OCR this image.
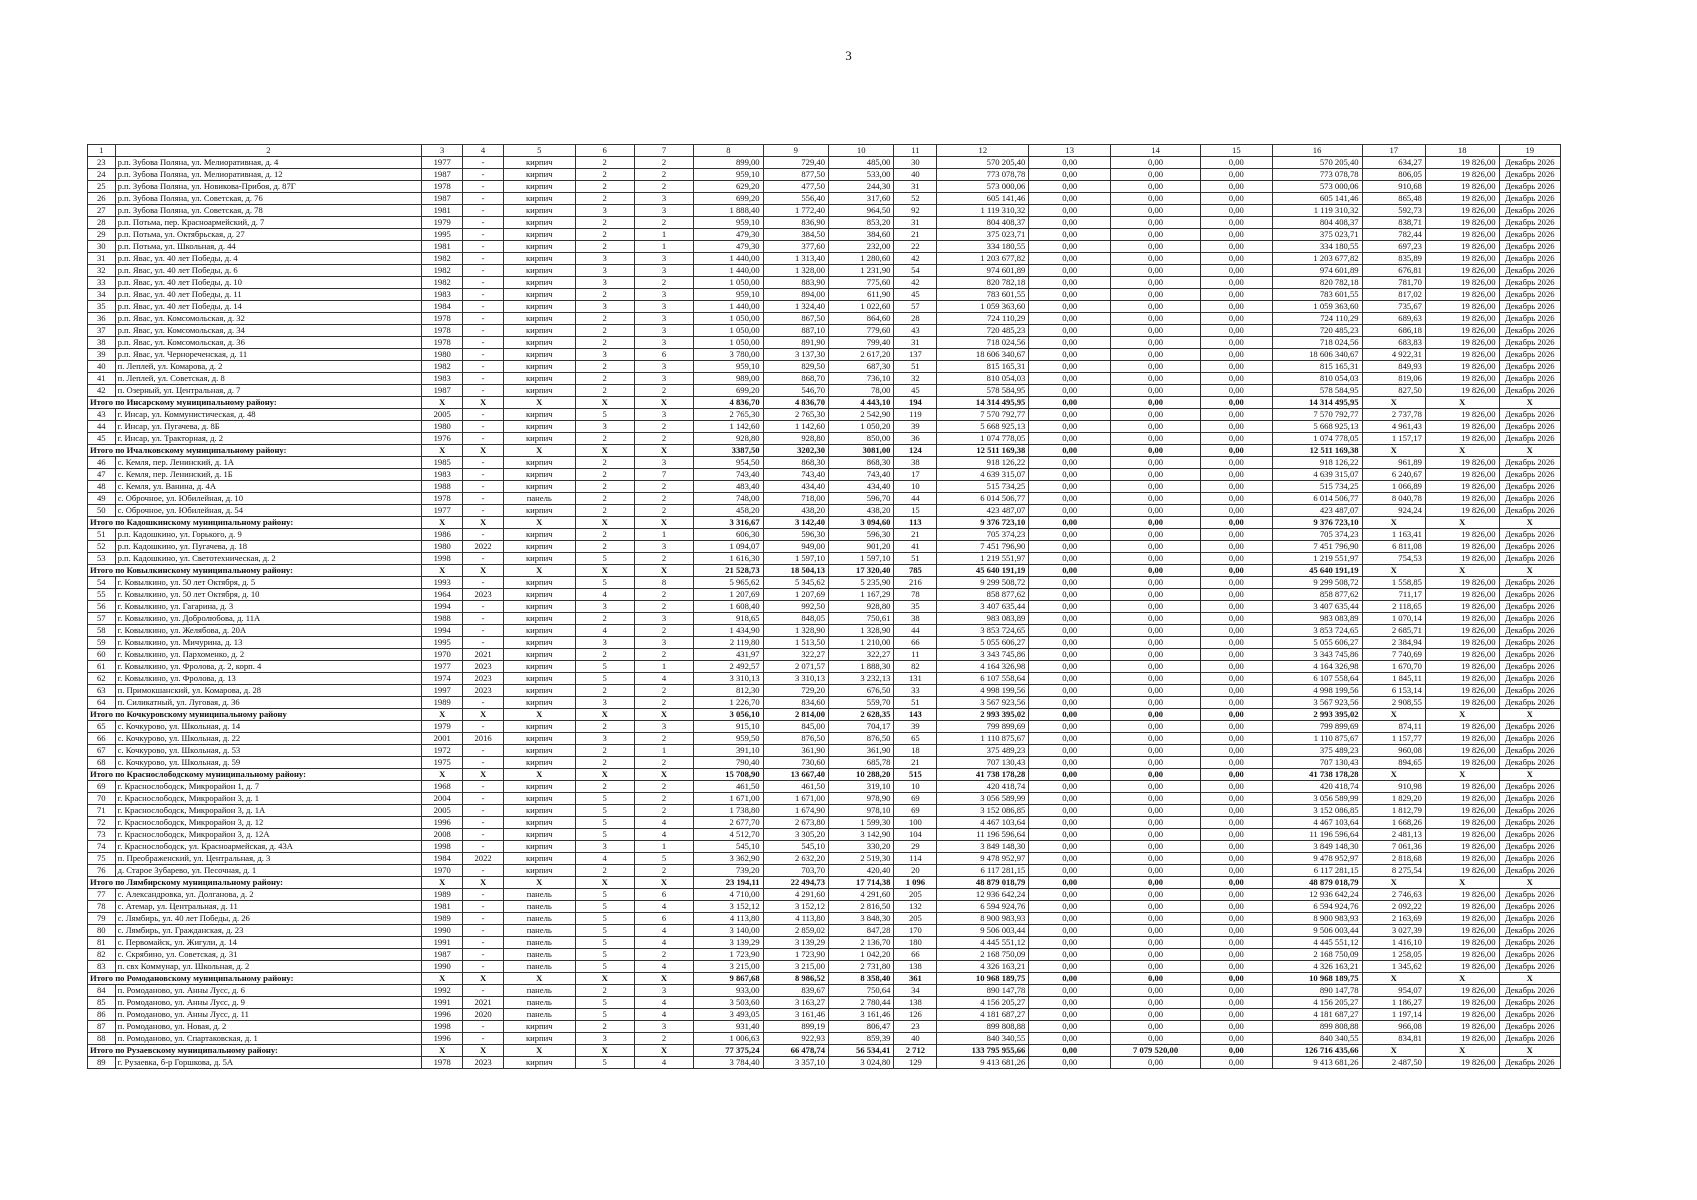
3
1	2	3	4	5	6	7	8	9	10	11	12	13	14	15	16	17	18	19
23	р.п. Зубова Поляна, ул. Мелиоративная, д. 4	1977	-	кирпич	2	2	899,00	729,40	485,00	30	570 205,40	0,00	0,00	0,00	570 205,40	634,27	19 826,00	Декабрь 2026
24	р.п. Зубова Поляна, ул. Мелиоративная, д. 12	1987	-	кирпич	2	2	959,10	877,50	533,00	40	773 078,78	0,00	0,00	0,00	773 078,78	806,05	19 826,00	Декабрь 2026
25	р.п. Зубова Поляна, ул. Новикова-Прибоя, д. 87Г	1978	-	кирпич	2	2	629,20	477,50	244,30	31	573 000,06	0,00	0,00	0,00	573 000,06	910,68	19 826,00	Декабрь 2026
26	р.п. Зубова Поляна, ул. Советская, д. 76	1987	-	кирпич	2	3	699,20	556,40	317,60	52	605 141,46	0,00	0,00	0,00	605 141,46	865,48	19 826,00	Декабрь 2026
27	р.п. Зубова Поляна, ул. Советская, д. 78	1981	-	кирпич	3	3	1 888,40	1 772,40	964,50	92	1 119 310,32	0,00	0,00	0,00	1 119 310,32	592,73	19 826,00	Декабрь 2026
28	р.п. Потьма, пер. Красноармейский, д. 7	1979	-	кирпич	2	2	959,10	836,90	853,20	31	804 408,37	0,00	0,00	0,00	804 408,37	838,71	19 826,00	Декабрь 2026
29	р.п. Потьма, ул. Октябрьская, д. 27	1995	-	кирпич	2	1	479,30	384,50	384,60	21	375 023,71	0,00	0,00	0,00	375 023,71	782,44	19 826,00	Декабрь 2026
30	р.п. Потьма, ул. Школьная, д. 44	1981	-	кирпич	2	1	479,30	377,60	232,00	22	334 180,55	0,00	0,00	0,00	334 180,55	697,23	19 826,00	Декабрь 2026
31	р.п. Явас, ул. 40 лет Победы, д. 4	1982	-	кирпич	3	3	1 440,00	1 313,40	1 280,60	42	1 203 677,82	0,00	0,00	0,00	1 203 677,82	835,89	19 826,00	Декабрь 2026
32	р.п. Явас, ул. 40 лет Победы, д. 6	1982	-	кирпич	3	3	1 440,00	1 328,00	1 231,90	54	974 601,89	0,00	0,00	0,00	974 601,89	676,81	19 826,00	Декабрь 2026
33	р.п. Явас, ул. 40 лет Победы, д. 10	1982	-	кирпич	3	2	1 050,00	883,90	775,60	42	820 782,18	0,00	0,00	0,00	820 782,18	781,70	19 826,00	Декабрь 2026
34	р.п. Явас, ул. 40 лет Победы, д. 11	1983	-	кирпич	2	3	959,10	894,00	611,90	45	783 601,55	0,00	0,00	0,00	783 601,55	817,02	19 826,00	Декабрь 2026
35	р.п. Явас, ул. 40 лет Победы, д. 14	1984	-	кирпич	3	3	1 440,00	1 324,40	1 022,60	57	1 059 363,60	0,00	0,00	0,00	1 059 363,60	735,67	19 826,00	Декабрь 2026
36	р.п. Явас, ул. Комсомольская, д. 32	1978	-	кирпич	2	3	1 050,00	867,50	864,60	28	724 110,29	0,00	0,00	0,00	724 110,29	689,63	19 826,00	Декабрь 2026
37	р.п. Явас, ул. Комсомольская, д. 34	1978	-	кирпич	2	3	1 050,00	887,10	779,60	43	720 485,23	0,00	0,00	0,00	720 485,23	686,18	19 826,00	Декабрь 2026
38	р.п. Явас, ул. Комсомольская, д. 36	1978	-	кирпич	2	3	1 050,00	891,90	799,40	31	718 024,56	0,00	0,00	0,00	718 024,56	683,83	19 826,00	Декабрь 2026
39	р.п. Явас, ул. Чернореченская, д. 11	1980	-	кирпич	3	6	3 780,00	3 137,30	2 617,20	137	18 606 340,67	0,00	0,00	0,00	18 606 340,67	4 922,31	19 826,00	Декабрь 2026
40	п. Леплей, ул. Комарова, д. 2	1982	-	кирпич	2	3	959,10	829,50	687,30	51	815 165,31	0,00	0,00	0,00	815 165,31	849,93	19 826,00	Декабрь 2026
41	п. Леплей, ул. Советская, д. 8	1983	-	кирпич	2	3	989,00	868,70	736,10	32	810 054,03	0,00	0,00	0,00	810 054,03	819,06	19 826,00	Декабрь 2026
42	п. Озерный, ул. Центральная, д. 7	1987	-	кирпич	2	2	699,20	546,70	78,00	45	578 584,95	0,00	0,00	0,00	578 584,95	827,50	19 826,00	Декабрь 2026
Итого по Инсарскому муниципальному району:		X	X	X	X	X	4 836,70	4 836,70	4 443,10	194	14 314 495,95	0,00	0,00	0,00	14 314 495,95	X	X	X
43	г. Инсар, ул. Коммунистическая, д. 48	2005	-	кирпич	5	3	2 765,30	2 765,30	2 542,90	119	7 570 792,77	0,00	0,00	0,00	7 570 792,77	2 737,78	19 826,00	Декабрь 2026
44	г. Инсар, ул. Пугачева, д. 8Б	1980	-	кирпич	3	2	1 142,60	1 142,60	1 050,20	39	5 668 925,13	0,00	0,00	0,00	5 668 925,13	4 961,43	19 826,00	Декабрь 2026
45	г. Инсар, ул. Тракторная, д. 2	1976	-	кирпич	2	2	928,80	928,80	850,00	36	1 074 778,05	0,00	0,00	0,00	1 074 778,05	1 157,17	19 826,00	Декабрь 2026
Итого по Ичалковскому муниципальному району:		X	X	X	X	X	3387,50	3202,30	3081,00	124	12 511 169,38	0,00	0,00	0,00	12 511 169,38	X	X	X
46	с. Кемля, пер. Ленинский, д. 1А	1985	-	кирпич	2	3	954,50	868,30	868,30	38	918 126,22	0,00	0,00	0,00	918 126,22	961,89	19 826,00	Декабрь 2026
47	с. Кемля, пер. Ленинский, д. 1Б	1983	-	кирпич	2	7	743,40	743,40	743,40	17	4 639 315,07	0,00	0,00	0,00	4 639 315,07	6 240,67	19 826,00	Декабрь 2026
48	с. Кемля, ул. Ванина, д. 4А	1988	-	кирпич	2	2	483,40	434,40	434,40	10	515 734,25	0,00	0,00	0,00	515 734,25	1 066,89	19 826,00	Декабрь 2026
49	с. Оброчное, ул. Юбилейная, д. 10	1978	-	панель	2	2	748,00	718,00	596,70	44	6 014 506,77	0,00	0,00	0,00	6 014 506,77	8 040,78	19 826,00	Декабрь 2026
50	с. Оброчное, ул. Юбилейная, д. 54	1977	-	кирпич	2	2	458,20	438,20	438,20	15	423 487,07	0,00	0,00	0,00	423 487,07	924,24	19 826,00	Декабрь 2026
Итого по Кадошкинскому муниципальному району:		X	X	X	X	X	3 316,67	3 142,40	3 094,60	113	9 376 723,10	0,00	0,00	0,00	9 376 723,10	X	X	X
51	р.п. Кадошкино, ул. Горького, д. 9	1986	-	кирпич	2	1	606,30	596,30	596,30	21	705 374,23	0,00	0,00	0,00	705 374,23	1 163,41	19 826,00	Декабрь 2026
52	р.п. Кадошкино, ул. Пугачева, д. 18	1980	2022	кирпич	2	3	1 094,07	949,00	901,20	41	7 451 796,90	0,00	0,00	0,00	7 451 796,90	6 811,08	19 826,00	Декабрь 2026
53	р.п. Кадошкино, ул. Светотехническая, д. 2	1998	-	кирпич	5	2	1 616,30	1 597,10	1 597,10	51	1 219 551,97	0,00	0,00	0,00	1 219 551,97	754,53	19 826,00	Декабрь 2026
Итого по Ковылкинскому муниципальному району:		X	X	X	X	X	21 528,73	18 504,13	17 320,40	785	45 640 191,19	0,00	0,00	0,00	45 640 191,19	X	X	X
54	г. Ковылкино, ул. 50 лет Октября, д. 5	1993	-	кирпич	5	8	5 965,62	5 345,62	5 235,90	216	9 299 508,72	0,00	0,00	0,00	9 299 508,72	1 558,85	19 826,00	Декабрь 2026
55	г. Ковылкино, ул. 50 лет Октября, д. 10	1964	2023	кирпич	4	2	1 207,69	1 207,69	1 167,29	78	858 877,62	0,00	0,00	0,00	858 877,62	711,17	19 826,00	Декабрь 2026
56	г. Ковылкино, ул. Гагарина, д. 3	1994	-	кирпич	3	2	1 608,40	992,50	928,80	35	3 407 635,44	0,00	0,00	0,00	3 407 635,44	2 118,65	19 826,00	Декабрь 2026
57	г. Ковылкино, ул. Добролюбова, д. 11А	1988	-	кирпич	2	3	918,65	848,05	750,61	38	983 083,89	0,00	0,00	0,00	983 083,89	1 070,14	19 826,00	Декабрь 2026
58	г. Ковылкино, ул. Желябова, д. 20А	1994	-	кирпич	4	2	1 434,90	1 328,90	1 328,90	44	3 853 724,65	0,00	0,00	0,00	3 853 724,65	2 685,71	19 826,00	Декабрь 2026
59	г. Ковылкино, ул. Мичурина, д. 13	1995	-	кирпич	3	3	2 119,80	1 513,50	1 210,00	66	5 055 606,27	0,00	0,00	0,00	5 055 606,27	2 384,94	19 826,00	Декабрь 2026
60	г. Ковылкино, ул. Пархоменко, д. 2	1970	2021	кирпич	2	2	431,97	322,27	322,27	11	3 343 745,86	0,00	0,00	0,00	3 343 745,86	7 740,69	19 826,00	Декабрь 2026
61	г. Ковылкино, ул. Фролова, д. 2, корп. 4	1977	2023	кирпич	5	1	2 492,57	2 071,57	1 888,30	82	4 164 326,98	0,00	0,00	0,00	4 164 326,98	1 670,70	19 826,00	Декабрь 2026
62	г. Ковылкино, ул. Фролова, д. 13	1974	2023	кирпич	5	4	3 310,13	3 310,13	3 232,13	131	6 107 558,64	0,00	0,00	0,00	6 107 558,64	1 845,11	19 826,00	Декабрь 2026
63	п. Примокшанский, ул. Комарова, д. 28	1997	2023	кирпич	2	2	812,30	729,20	676,50	33	4 998 199,56	0,00	0,00	0,00	4 998 199,56	6 153,14	19 826,00	Декабрь 2026
64	п. Силикатный, ул. Луговая, д. 36	1989	-	кирпич	3	2	1 226,70	834,60	559,70	51	3 567 923,56	0,00	0,00	0,00	3 567 923,56	2 908,55	19 826,00	Декабрь 2026
Итого по Кочкуровскому муниципальному району		X	X	X	X	X	3 056,10	2 814,00	2 628,35	143	2 993 395,02	0,00	0,00	0,00	2 993 395,02	X	X	X
65	с. Кочкурово, ул. Школьная, д. 14	1979	-	кирпич	2	3	915,10	845,00	704,17	39	799 899,69	0,00	0,00	0,00	799 899,69	874,11	19 826,00	Декабрь 2026
66	с. Кочкурово, ул. Школьная, д. 22	2001	2016	кирпич	3	2	959,50	876,50	876,50	65	1 110 875,67	0,00	0,00	0,00	1 110 875,67	1 157,77	19 826,00	Декабрь 2026
67	с. Кочкурово, ул. Школьная, д. 53	1972	-	кирпич	2	1	391,10	361,90	361,90	18	375 489,23	0,00	0,00	0,00	375 489,23	960,08	19 826,00	Декабрь 2026
68	с. Кочкурово, ул. Школьная, д. 59	1975	-	кирпич	2	2	790,40	730,60	685,78	21	707 130,43	0,00	0,00	0,00	707 130,43	894,65	19 826,00	Декабрь 2026
Итого по Краснослободскому муниципальному району:		X	X	X	X	X	15 708,90	13 667,40	10 288,20	515	41 738 178,28	0,00	0,00	0,00	41 738 178,28	X	X	X
69	г. Краснослободск, Микрорайон 1, д. 7	1968	-	кирпич	2	2	461,50	461,50	319,10	10	420 418,74	0,00	0,00	0,00	420 418,74	910,98	19 826,00	Декабрь 2026
70	г. Краснослободск, Микрорайон 3, д. 1	2004	-	кирпич	5	2	1 671,00	1 671,00	978,90	69	3 056 589,99	0,00	0,00	0,00	3 056 589,99	1 829,20	19 826,00	Декабрь 2026
71	г. Краснослободск, Микрорайон 3, д. 1А	2005	-	кирпич	5	2	1 738,80	1 674,90	978,10	69	3 152 086,85	0,00	0,00	0,00	3 152 086,85	1 812,79	19 826,00	Декабрь 2026
72	г. Краснослободск, Микрорайон 3, д. 12	1996	-	кирпич	5	4	2 677,70	2 673,80	1 599,30	100	4 467 103,64	0,00	0,00	0,00	4 467 103,64	1 668,26	19 826,00	Декабрь 2026
73	г. Краснослободск, Микрорайон 3, д. 12А	2008	-	кирпич	5	4	4 512,70	3 305,20	3 142,90	104	11 196 596,64	0,00	0,00	0,00	11 196 596,64	2 481,13	19 826,00	Декабрь 2026
74	г. Краснослободск, ул. Красноармейская, д. 43А	1998	-	кирпич	3	1	545,10	545,10	330,20	29	3 849 148,30	0,00	0,00	0,00	3 849 148,30	7 061,36	19 826,00	Декабрь 2026
75	п. Преображенский, ул. Центральная, д. 3	1984	2022	кирпич	4	5	3 362,90	2 632,20	2 519,30	114	9 478 952,97	0,00	0,00	0,00	9 478 952,97	2 818,68	19 826,00	Декабрь 2026
76	д. Старое Зубарево, ул. Песочная, д. 1	1970	-	кирпич	2	2	739,20	703,70	420,40	20	6 117 281,15	0,00	0,00	0,00	6 117 281,15	8 275,54	19 826,00	Декабрь 2026
Итого по Лямбирскому муниципальному району:		X	X	X	X	X	23 194,11	22 494,73	17 714,38	1 096	48 879 018,79	0,00	0,00	0,00	48 879 018,79	X	X	X
77	с. Александровка, ул. Долганова, д. 2	1989	-	панель	5	6	4 710,00	4 291,60	4 291,60	205	12 936 642,24	0,00	0,00	0,00	12 936 642,24	2 746,63	19 826,00	Декабрь 2026
78	с. Атемар, ул. Центральная, д. 11	1981	-	панель	5	4	3 152,12	3 152,12	2 816,50	132	6 594 924,76	0,00	0,00	0,00	6 594 924,76	2 092,22	19 826,00	Декабрь 2026
79	с. Лямбирь, ул. 40 лет Победы, д. 26	1989	-	панель	5	6	4 113,80	4 113,80	3 848,30	205	8 900 983,93	0,00	0,00	0,00	8 900 983,93	2 163,69	19 826,00	Декабрь 2026
80	с. Лямбирь, ул. Гражданская, д. 23	1990	-	панель	5	4	3 140,00	2 859,02	847,28	170	9 506 003,44	0,00	0,00	0,00	9 506 003,44	3 027,39	19 826,00	Декабрь 2026
81	с. Первомайск, ул. Жигули, д. 14	1991	-	панель	5	4	3 139,29	3 139,29	2 136,70	180	4 445 551,12	0,00	0,00	0,00	4 445 551,12	1 416,10	19 826,00	Декабрь 2026
82	с. Скрябино, ул. Советская, д. 31	1987	-	панель	5	2	1 723,90	1 723,90	1 042,20	66	2 168 750,09	0,00	0,00	0,00	2 168 750,09	1 258,05	19 826,00	Декабрь 2026
83	п. свх Коммунар, ул. Школьная, д. 2	1990	-	панель	5	4	3 215,00	3 215,00	2 731,80	138	4 326 163,21	0,00	0,00	0,00	4 326 163,21	1 345,62	19 826,00	Декабрь 2026
Итого по Ромодановскому муниципальному району:		X	X	X	X	X	9 867,68	8 986,52	8 358,40	361	10 968 189,75	0,00	0,00	0,00	10 968 189,75	X	X	X
84	п. Ромоданово, ул. Анны Лусс, д. 6	1992	-	панель	2	3	933,00	839,67	750,64	34	890 147,78	0,00	0,00	0,00	890 147,78	954,07	19 826,00	Декабрь 2026
85	п. Ромоданово, ул. Анны Лусс, д. 9	1991	2021	панель	5	4	3 503,60	3 163,27	2 780,44	138	4 156 205,27	0,00	0,00	0,00	4 156 205,27	1 186,27	19 826,00	Декабрь 2026
86	п. Ромоданово, ул. Анны Лусс, д. 11	1996	2020	панель	5	4	3 493,05	3 161,46	3 161,46	126	4 181 687,27	0,00	0,00	0,00	4 181 687,27	1 197,14	19 826,00	Декабрь 2026
87	п. Ромоданово, ул. Новая, д. 2	1998	-	кирпич	2	3	931,40	899,19	806,47	23	899 808,88	0,00	0,00	0,00	899 808,88	966,08	19 826,00	Декабрь 2026
88	п. Ромоданово, ул. Спартаковская, д. 1	1996	-	кирпич	3	2	1 006,63	922,93	859,39	40	840 340,55	0,00	0,00	0,00	840 340,55	834,81	19 826,00	Декабрь 2026
Итого по Рузаевскому муниципальному району:		X	X	X	X	X	77 375,24	66 478,74	56 534,41	2 712	133 795 955,66	0,00	7 079 520,00	0,00	126 716 435,66	X	X	X
89	г. Рузаевка, б-р Горшкова, д. 5А	1978	2023	кирпич	5	4	3 784,40	3 357,10	3 024,80	129	9 413 681,26	0,00	0,00	0,00	9 413 681,26	2 487,50	19 826,00	Декабрь 2026
